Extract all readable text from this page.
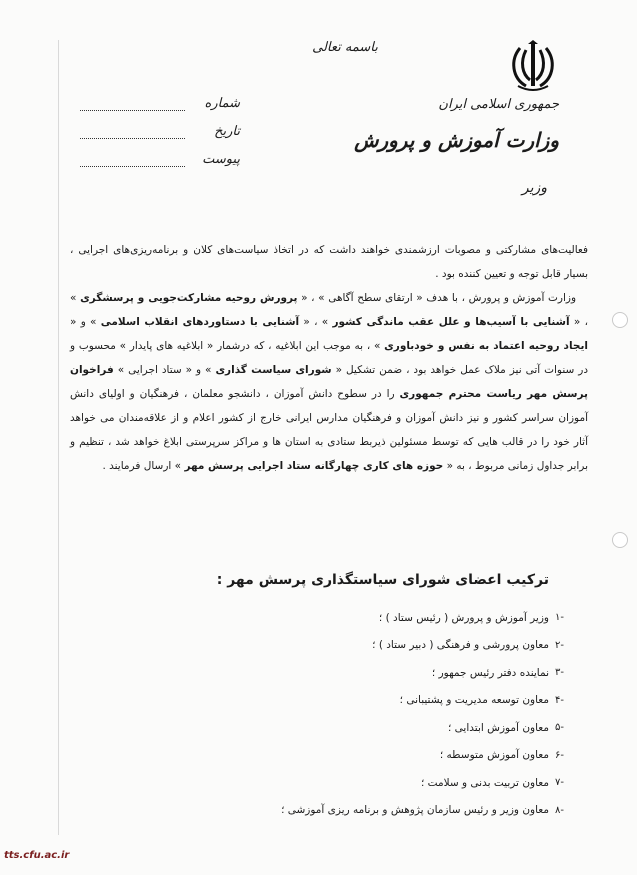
باسمه تعالی
جمهوری اسلامی ایران
وزارت آموزش و پرورش
وزیر
شماره
تاریخ
پیوست

فعالیت‌های مشارکتی و مصوبات ارزشمندی خواهند داشت که در اتخاذ سیاست‌های کلان و برنامه‌ریزی‌های اجرایی ، بسیار قابل توجه و تعیین کننده بود .

وزارت آموزش و پرورش ، با هدف « ارتقای سطح آگاهی » ، « پرورش روحیه مشارکت‌جویی و پرسشگری » ، « آشنایی با آسیب‌ها و علل عقب ماندگی کشور » ، « آشنایی با دستاوردهای انقلاب اسلامی » و « ایجاد روحیه اعتماد به نفس و خودباوری » ، به موجب این ابلاغیه ، که درشمار « ابلاغیه های پایدار » محسوب و در سنوات آتی نیز ملاک عمل خواهد بود ، ضمن تشکیل « شورای سیاست گذاری » و « ستاد اجرایی » فراخوان پرسش مهر ریاست محترم جمهوری را در سطوح دانش آموزان ، دانشجو معلمان ، فرهنگیان و اولیای دانش آموزان سراسر کشور و نیز دانش آموزان و فرهنگیان مدارس ایرانی خارج از کشور اعلام و از علاقه‌مندان می خواهد آثار خود را در قالب هایی که توسط مسئولین ذیربط ستادی به استان ها و مراکز سرپرستی ابلاغ خواهد شد ، تنظیم و برابر جداول زمانی مربوط ، به « حوزه های کاری چهارگانه ستاد اجرایی پرسش مهر » ارسال فرمایند .

ترکیب اعضای شورای سیاستگذاری پرسش مهر :
-۱
وزیر آموزش و پرورش ( رئیس ستاد ) ؛
-۲
معاون پرورشی و فرهنگی ( دبیر ستاد ) ؛
-۳
نماینده دفتر رئیس جمهور ؛
-۴
معاون توسعه مدیریت و پشتیبانی ؛
-۵
معاون آموزش ابتدایی ؛
-۶
معاون آموزش متوسطه ؛
-۷
معاون تربیت بدنی و سلامت ؛
-۸
معاون وزیر و رئیس سازمان پژوهش و برنامه ریزی آموزشی ؛
tts.cfu.ac.ir
